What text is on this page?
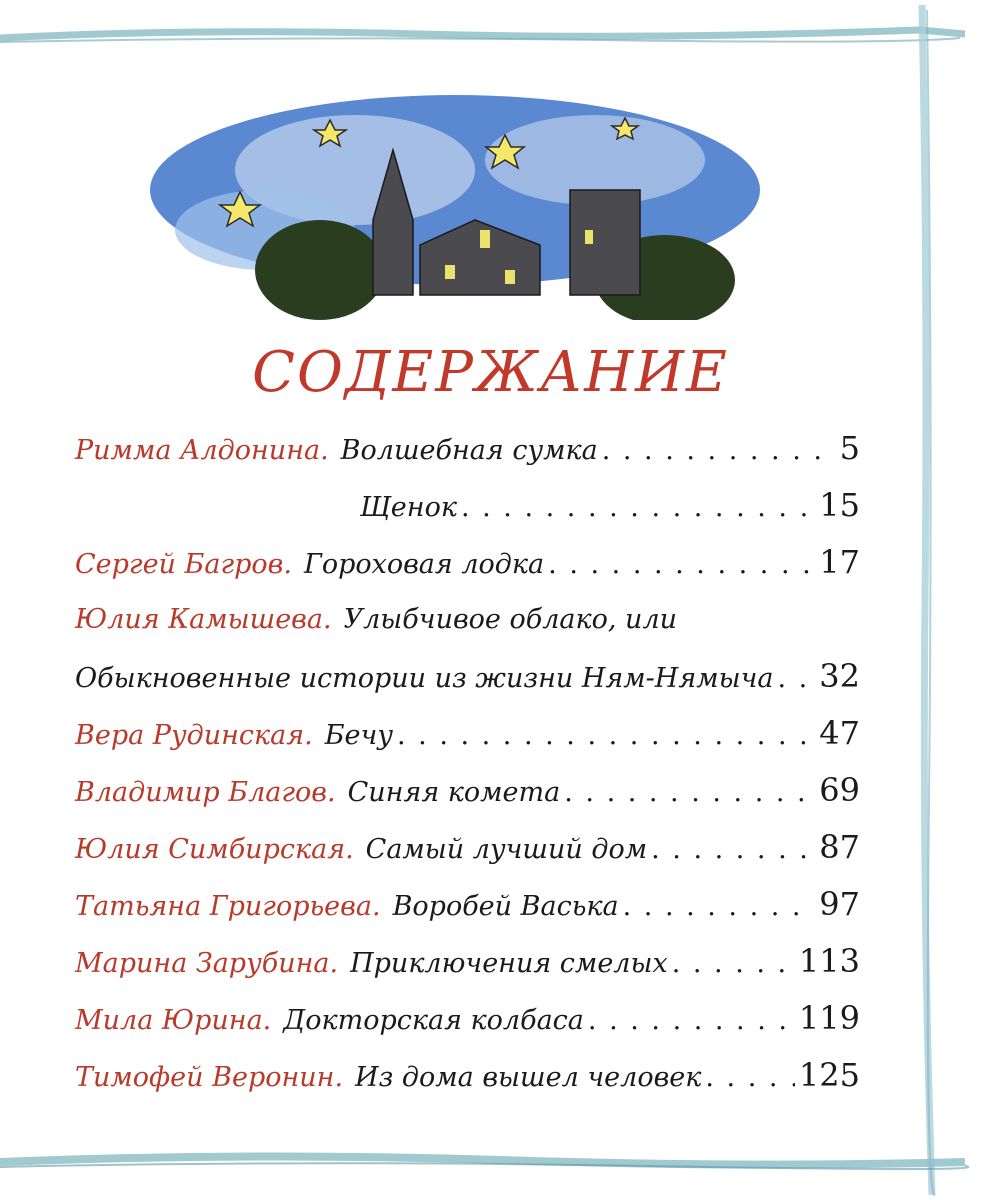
СОДЕРЖАНИЕ
Римма Алдонина. Волшебная сумка . . .	5
Щенок . . .	15
Сергей Багров. Гороховая лодка . . .	17
Юлия Камышева. Улыбчивое облако, или
Обыкновенные истории из жизни Ням-Нямыча . . . 32
Вера Рудинская. Бечу . . .	47
Владимир Благов. Синяя комета . . .	69
Юлия Симбирская. Самый лучший дом . . .	87
Татьяна Григорьева. Воробей Васька . . .	97
Марина Зарубина. Приключения смелых . . .	113
Мила Юрина. Докторская колбаса . . .	119
Тимофей Веронин. Из дома вышел человек . . .	125
